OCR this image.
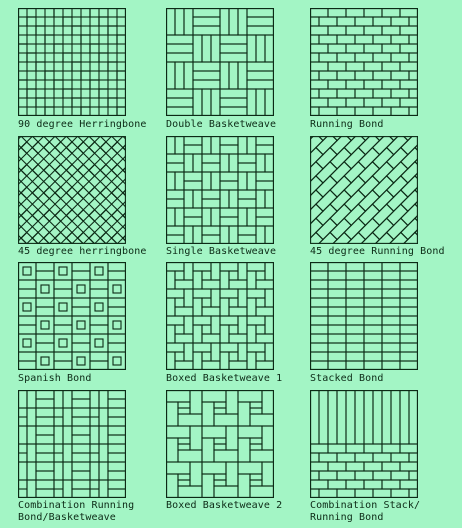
90 degree Herringbone Double Basketweave	Running Bond
45 degree herringbone Single Basketweave	45 degree Running Bond
Spanish Bond	Boxed Basketweave 1	Stacked Bond
Combination Running
Bond/Basketweave
Boxed Basketweave 2	Combination Stack/
Running Bond
